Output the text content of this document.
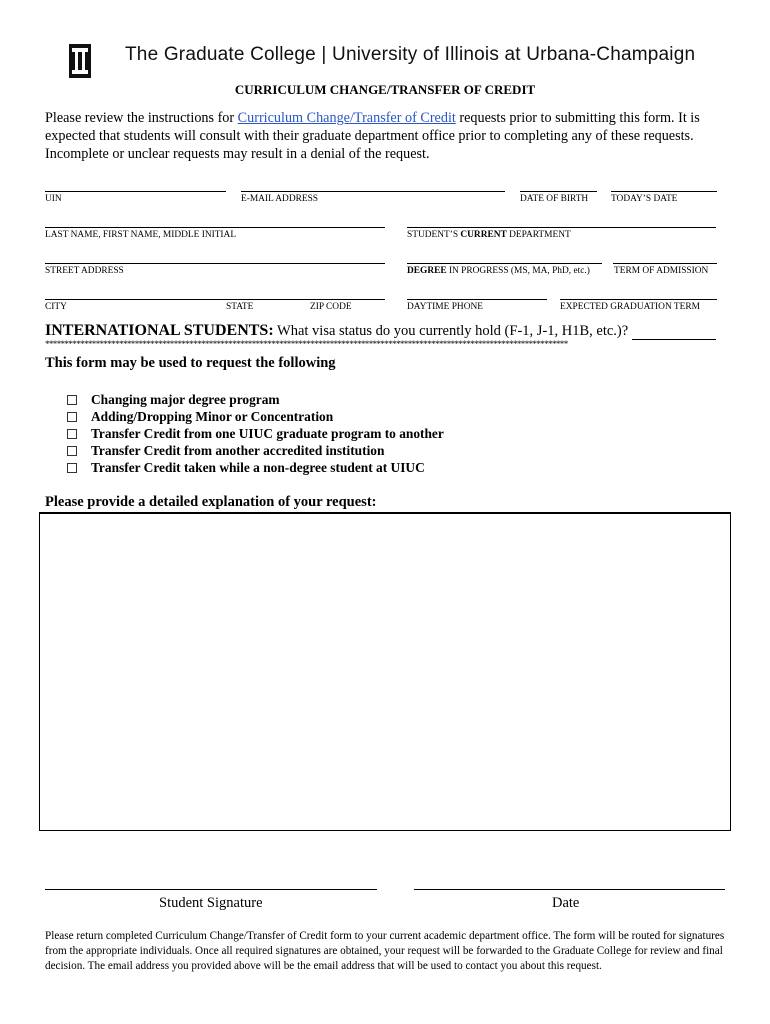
The Graduate College | University of Illinois at Urbana-Champaign
CURRICULUM CHANGE/TRANSFER OF CREDIT
Please review the instructions for Curriculum Change/Transfer of Credit requests prior to submitting this form. It is expected that students will consult with their graduate department office prior to completing any of these requests. Incomplete or unclear requests may result in a denial of the request.
UIN	E-MAIL ADDRESS	DATE OF BIRTH TODAY’S DATE
LAST NAME, FIRST NAME, MIDDLE INITIAL	STUDENT’S CURRENT DEPARTMENT
STREET ADDRESS	DEGREE IN PROGRESS (MS, MA, PhD, etc.)	TERM OF ADMISSION
CITY	STATE	ZIP CODE	DAYTIME PHONE	EXPECTED GRADUATION TERM
INTERNATIONAL STUDENTS: What visa status do you currently hold (F-1, J-1, H1B, etc.)?
**************************************************************************************************************************************
This form may be used to request the following
Changing major degree program
Adding/Dropping Minor or Concentration
Transfer Credit from one UIUC graduate program to another
Transfer Credit from another accredited institution
Transfer Credit taken while a non-degree student at UIUC
Please provide a detailed explanation of your request:
Student Signature	Date
Please return completed Curriculum Change/Transfer of Credit form to your current academic department office. The form will be routed for signatures from the appropriate individuals. Once all required signatures are obtained, your request will be forwarded to the Graduate College for review and final decision. The email address you provided above will be the email address that will be used to contact you about this request.
